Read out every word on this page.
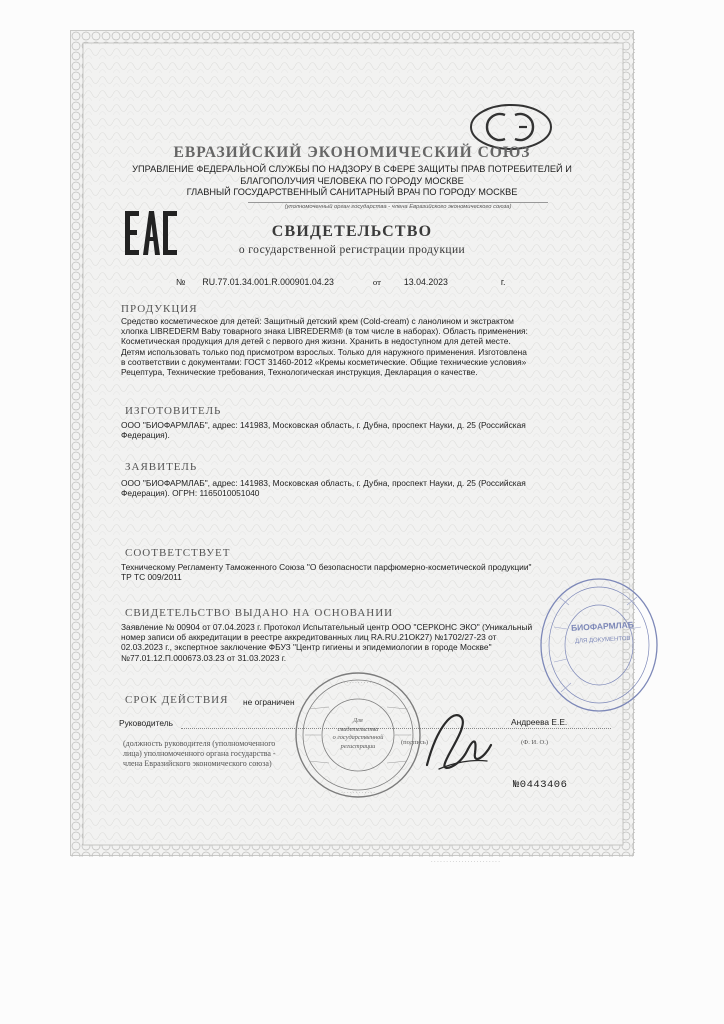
ЕВРАЗИЙСКИЙ ЭКОНОМИЧЕСКИЙ СОЮЗ
УПРАВЛЕНИЕ ФЕДЕРАЛЬНОЙ СЛУЖБЫ ПО НАДЗОРУ В СФЕРЕ ЗАЩИТЫ ПРАВ ПОТРЕБИТЕЛЕЙ И
БЛАГОПОЛУЧИЯ ЧЕЛОВЕКА ПО ГОРОДУ МОСКВЕ
ГЛАВНЫЙ ГОСУДАРСТВЕННЫЙ САНИТАРНЫЙ ВРАЧ ПО ГОРОДУ МОСКВЕ
(уполномоченный орган государства - члена Евразийского экономического союза)
СВИДЕТЕЛЬСТВО
о государственной регистрации продукции
№ RU.77.01.34.001.R.000901.04.23	от	13.04.2023	г.
ПРОДУКЦИЯ
Средство косметическое для детей: Защитный детский крем (Cold-cream) с ланолином и экстрактом
хлопка LIBREDERM Baby товарного знака LIBREDERM® (в том числе в наборах). Область применения:
Косметическая продукция для детей с первого дня жизни. Хранить в недоступном для детей месте.
Детям использовать только под присмотром взрослых. Только для наружного применения. Изготовлена
в соответствии с документами: ГОСТ 31460-2012 «Кремы косметические. Общие технические условия»
Рецептура, Технические требования, Технологическая инструкция, Декларация о качестве.
ИЗГОТОВИТЕЛЬ
ООО "БИОФАРМЛАБ", адрес: 141983, Московская область, г. Дубна, проспект Науки, д. 25 (Российская
Федерация).
ЗАЯВИТЕЛЬ
ООО "БИОФАРМЛАБ", адрес: 141983, Московская область, г. Дубна, проспект Науки, д. 25 (Российская
Федерация). ОГРН: 1165010051040
СООТВЕТСТВУЕТ
Техническому Регламенту Таможенного Союза "О безопасности парфюмерно-косметической продукции"
ТР ТС 009/2011
СВИДЕТЕЛЬСТВО ВЫДАНО НА ОСНОВАНИИ
Заявление № 00904 от 07.04.2023 г. Протокол Испытательный центр ООО "СЕРКОНС ЭКО" (Уникальный
номер записи об аккредитации в реестре аккредитованных лиц RA.RU.21ОК27) №1702/27-23 от
02.03.2023 г., экспертное заключение ФБУЗ "Центр гигиены и эпидемиологии в городе Москве"
№77.01.12.П.000673.03.23 от 31.03.2023 г.
СРОК ДЕЙСТВИЯ не ограничен
Руководитель	Андреева Е.Е.
(должность руководителя (уполномоченного
лица) уполномоченного органа государства -
члена Евразийского экономического союза)
(подпись)	(Ф. И. О.)
· · · · · · · · · · · · · · · · · · · · · · · ·
Для
свидетельства
о государственной
регистрации
БИОФАРМЛАБ
ДЛЯ ДОКУМЕНТОВ
№0443406
· · · · · · · · · · · · · · · · · · · · · · ·
